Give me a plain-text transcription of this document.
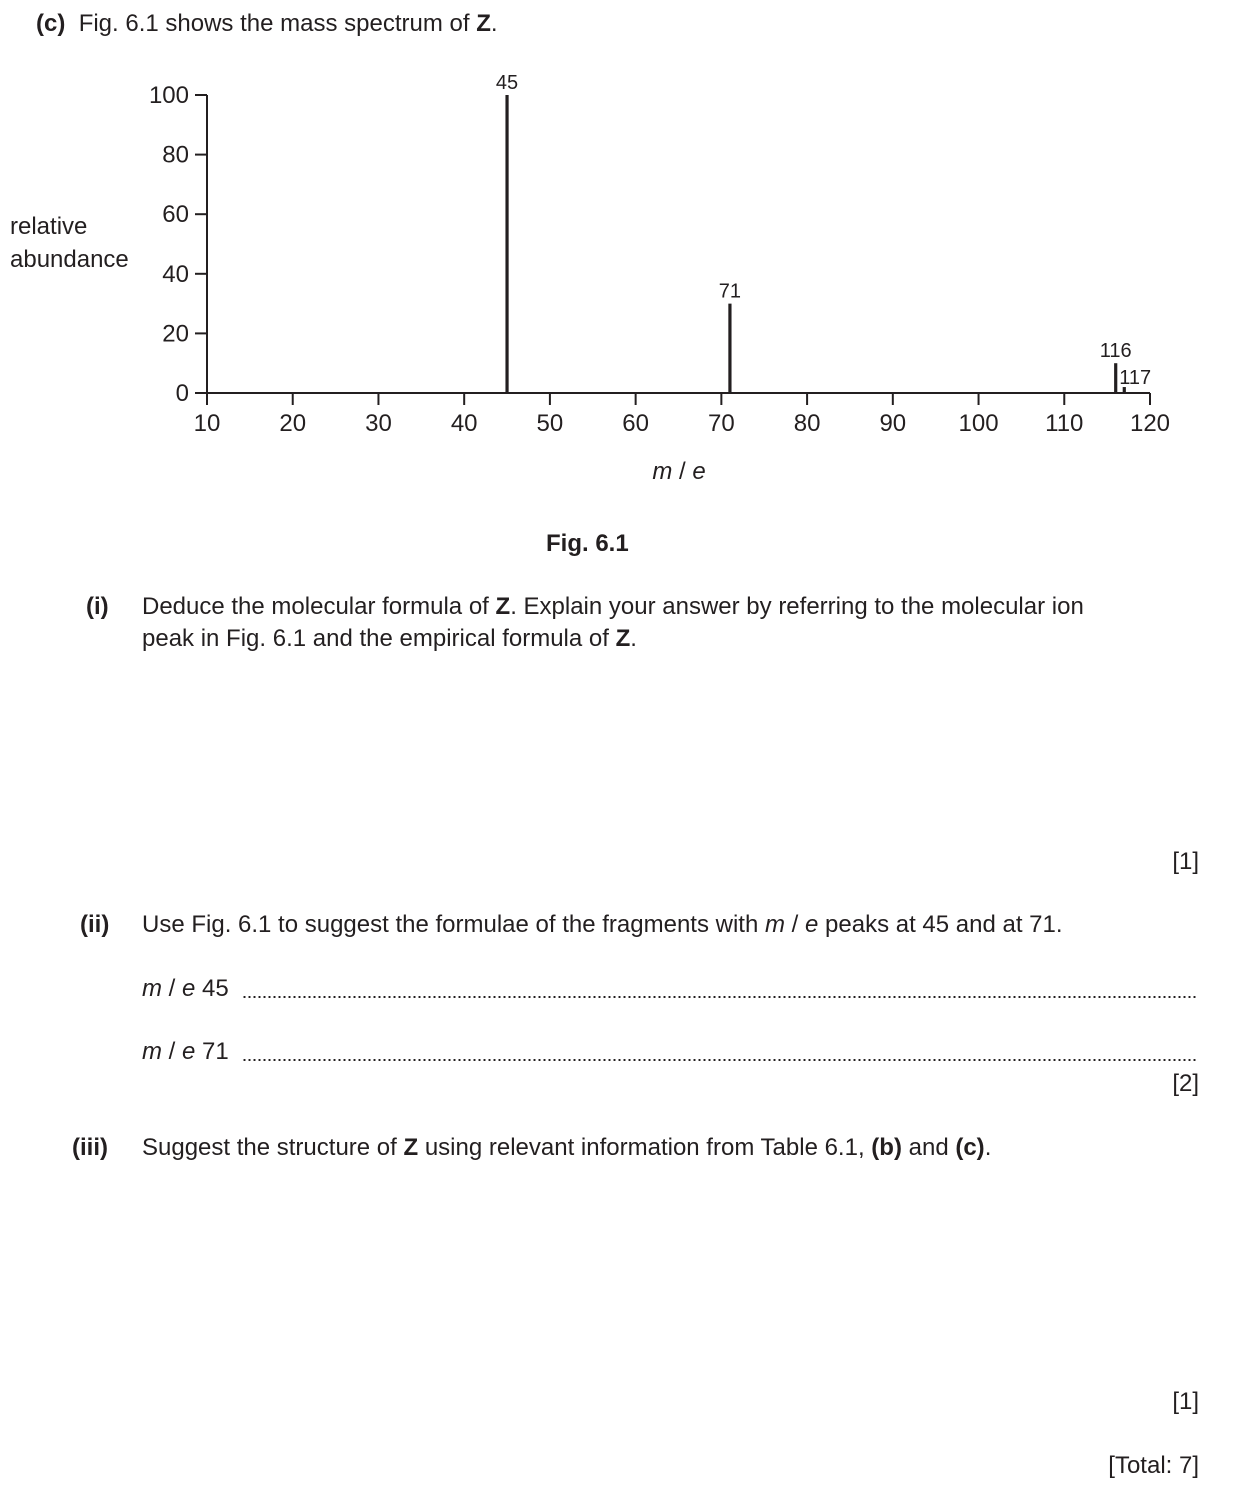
(c) Fig. 6.1 shows the mass spectrum of Z.
0
20
40
60
80
100
10 20 30 40 50 60 70 80 90 100 110 120
45
71
116
117
relative
abundance
m / e
Fig. 6.1
(i) Deduce the molecular formula of Z. Explain your answer by referring to the molecular ion
peak in Fig. 6.1 and the empirical formula of Z.
[1]
(ii) Use Fig. 6.1 to suggest the formulae of the fragments with m / e peaks at 45 and at 71.
m / e 45
m / e 71
[2]
(iii) Suggest the structure of Z using relevant information from Table 6.1, (b) and (c).
[1]
[Total: 7]
